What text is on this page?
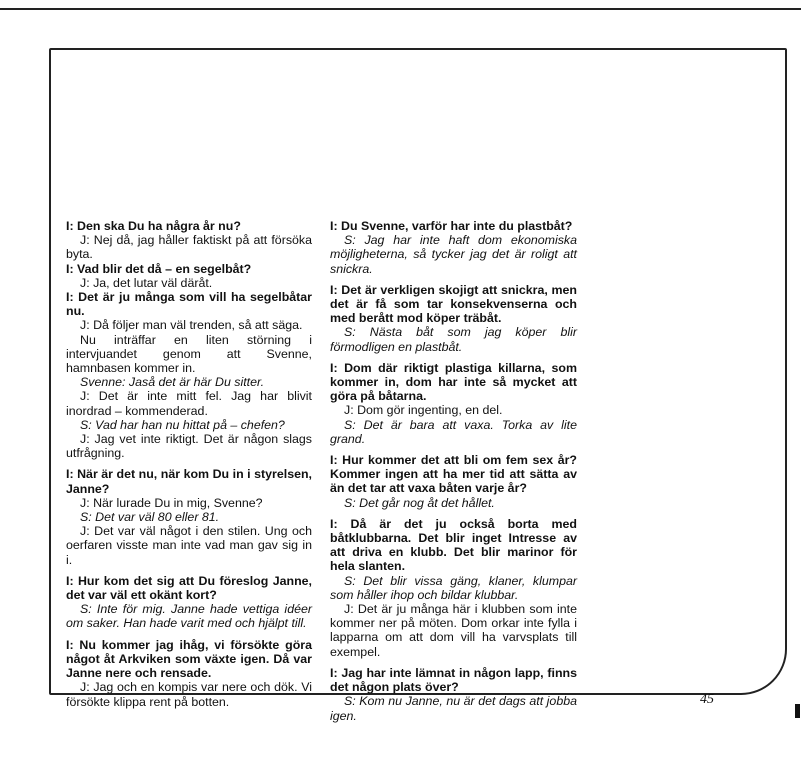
I: Den ska Du ha några år nu?

J: Nej då, jag håller faktiskt på att försöka byta.

I: Vad blir det då – en segelbåt?

J: Ja, det lutar väl däråt.

I: Det är ju många som vill ha segelbåtar nu.

J: Då följer man väl trenden, så att säga.

Nu inträffar en liten störning i intervjuandet genom att Svenne, hamnbasen kommer in.

Svenne: Jaså det är här Du sitter.

J: Det är inte mitt fel. Jag har blivit inordrad – kommenderad.

S: Vad har han nu hittat på – chefen?

J: Jag vet inte riktigt. Det är någon slags utfrågning.

I: När är det nu, när kom Du in i styrelsen, Janne?

J: När lurade Du in mig, Svenne?

S: Det var väl 80 eller 81.

J: Det var väl något i den stilen. Ung och oerfaren visste man inte vad man gav sig in i.

I: Hur kom det sig att Du föreslog Janne, det var väl ett okänt kort?

S: Inte för mig. Janne hade vettiga idéer om saker. Han hade varit med och hjälpt till.

I: Nu kommer jag ihåg, vi försökte göra något åt Arkviken som växte igen. Då var Janne nere och rensade.

J: Jag och en kompis var nere och dök. Vi försökte klippa rent på botten.

I: Du Svenne, varför har inte du plastbåt?

S: Jag har inte haft dom ekonomiska möjligheterna, så tycker jag det är roligt att snickra.

I: Det är verkligen skojigt att snickra, men det är få som tar konsekvenserna och med berått mod köper träbåt.

S: Nästa båt som jag köper blir förmodligen en plastbåt.

I: Dom där riktigt plastiga killarna, som kommer in, dom har inte så mycket att göra på båtarna.

J: Dom gör ingenting, en del.

S: Det är bara att vaxa. Torka av lite grand.

I: Hur kommer det att bli om fem sex år? Kommer ingen att ha mer tid att sätta av än det tar att vaxa båten varje år?

S: Det går nog åt det hållet.

I: Då är det ju också borta med båtklubbarna. Det blir inget Intresse av att driva en klubb. Det blir marinor för hela slanten.

S: Det blir vissa gäng, klaner, klumpar som håller ihop och bildar klubbar.

J: Det är ju många här i klubben som inte kommer ner på möten. Dom orkar inte fylla i lapparna om att dom vill ha varvsplats till exempel.

I: Jag har inte lämnat in någon lapp, finns det någon plats över?

S: Kom nu Janne, nu är det dags att jobba igen.

45
